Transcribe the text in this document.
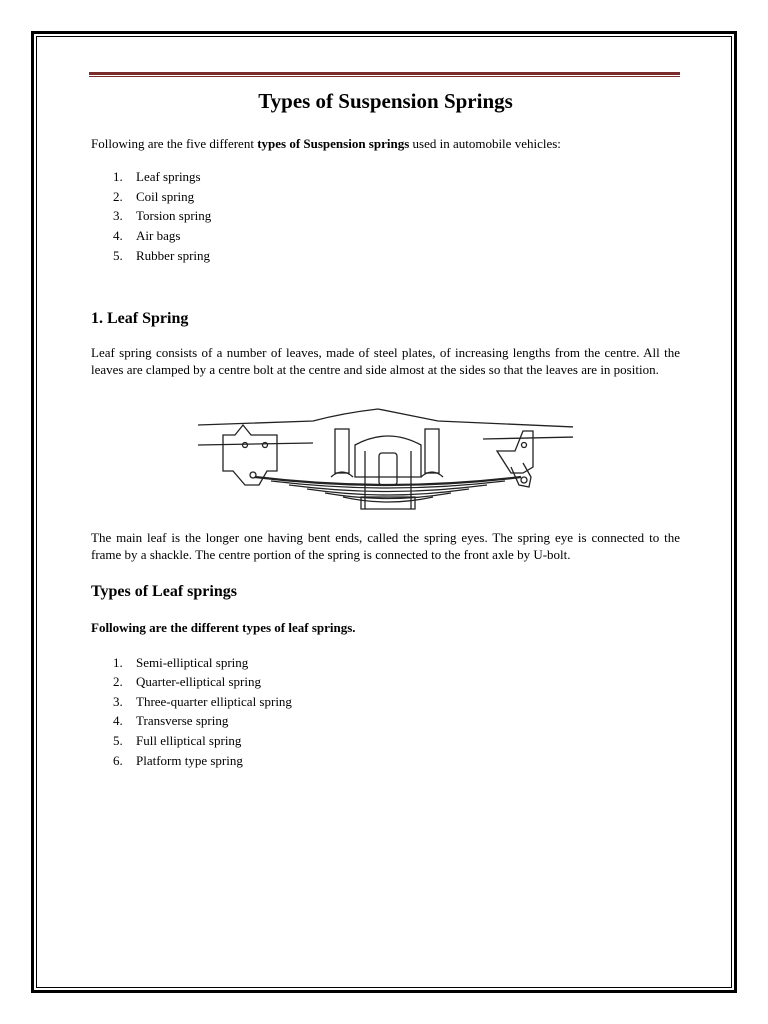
Types of Suspension Springs

Following are the five different types of Suspension springs used in automobile vehicles:

1.	Leaf springs
2.	Coil spring
3.	Torsion spring
4.	Air bags
5.	Rubber spring
1. Leaf Spring

Leaf spring consists of a number of leaves, made of steel plates, of increasing lengths from the centre. All the leaves are clamped by a centre bolt at the centre and side almost at the sides so that the leaves are in position.

The main leaf is the longer one having bent ends, called the spring eyes. The spring eye is connected to the frame by a shackle. The centre portion of the spring is connected to the front axle by U-bolt.

Types of Leaf springs

Following are the different types of leaf springs.

1.	Semi-elliptical spring
2.	Quarter-elliptical spring
3.	Three-quarter elliptical spring
4.	Transverse spring
5.	Full elliptical spring
6.	Platform type spring
